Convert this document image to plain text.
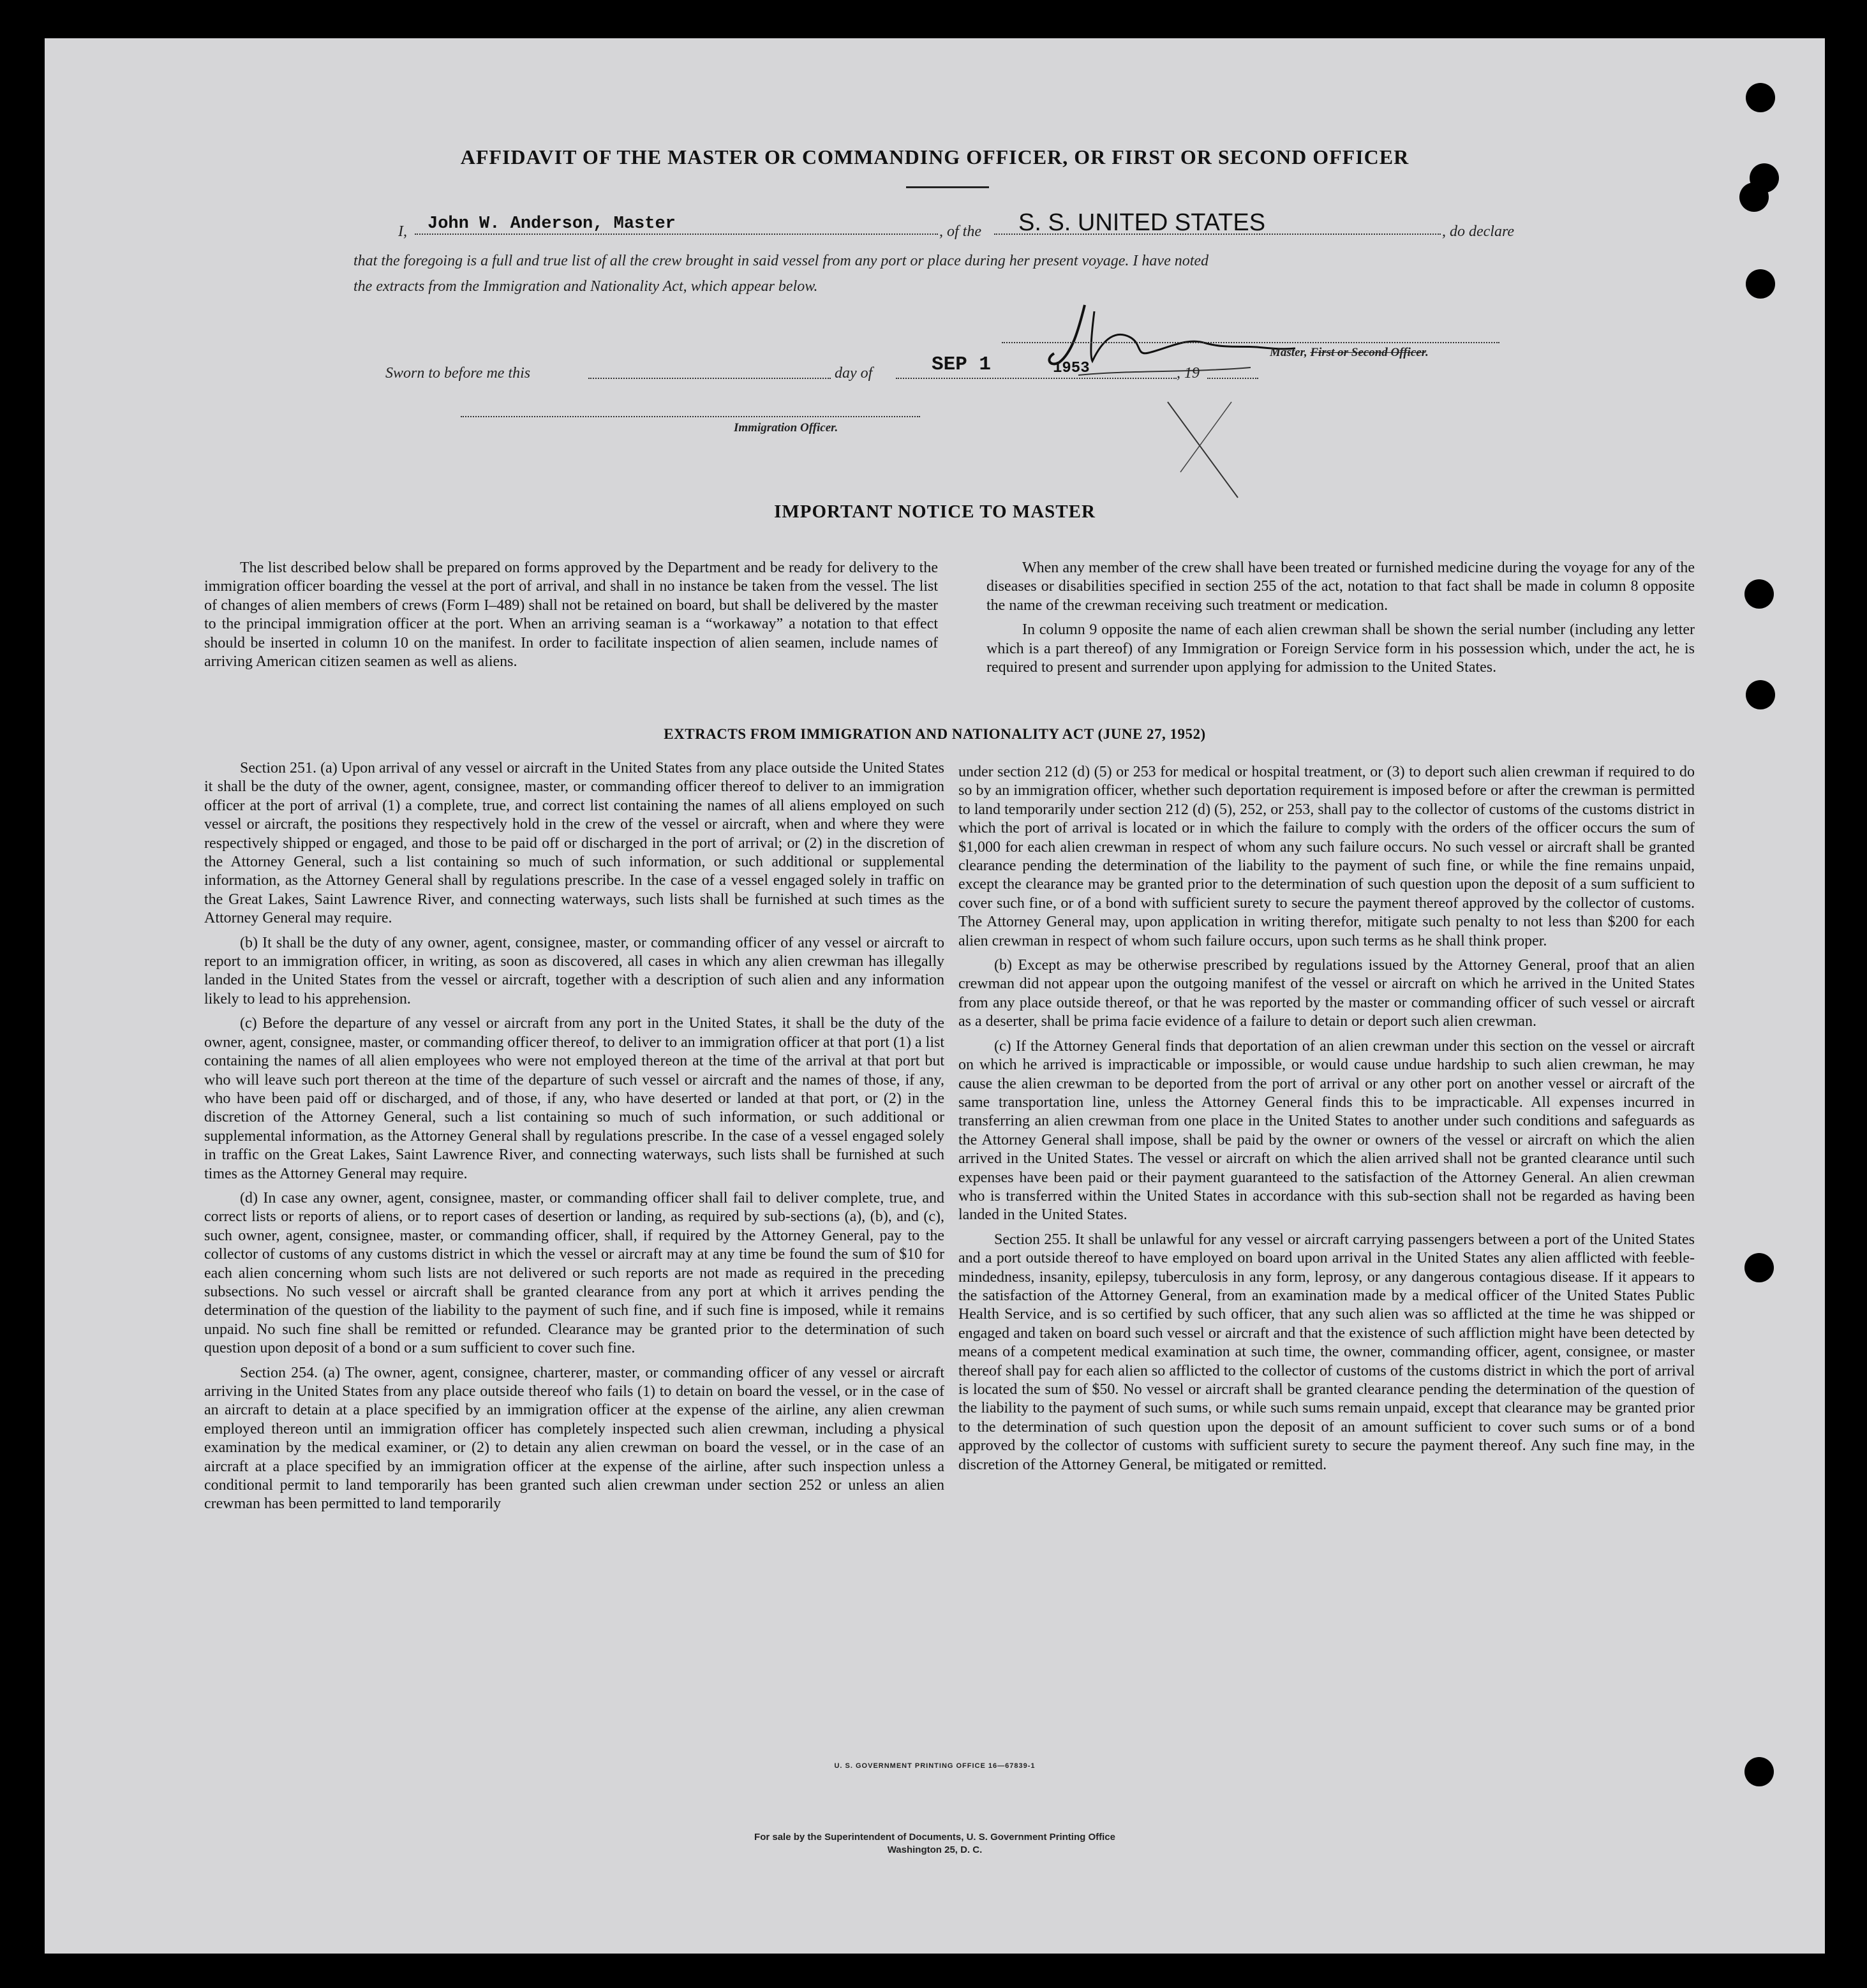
AFFIDAVIT OF THE MASTER OR COMMANDING OFFICER, OR FIRST OR SECOND OFFICER
I, John W. Anderson, Master	, of the S. S. UNITED STATES	, do declare
that the foregoing is a full and true list of all the crew brought in said vessel from any port or place during her present voyage. I have noted
the extracts from the Immigration and Nationality Act, which appear below.
Master, First or Second Officer.
Sworn to before me this	day of	SEP 1	1953	, 19
Immigration Officer.
IMPORTANT NOTICE TO MASTER

The list described below shall be prepared on forms approved by the Department and be ready for delivery to the immigration officer boarding the vessel at the port of arrival, and shall in no instance be taken from the vessel. The list of changes of alien members of crews (Form I–489) shall not be retained on board, but shall be delivered by the master to the principal immigration officer at the port. When an arriving seaman is a “workaway” a notation to that effect should be inserted in column 10 on the manifest. In order to facilitate inspection of alien seamen, include names of arriving American citizen seamen as well as aliens.

When any member of the crew shall have been treated or furnished medicine during the voyage for any of the diseases or disabilities specified in section 255 of the act, notation to that fact shall be made in column 8 opposite the name of the crewman receiving such treatment or medication.

In column 9 opposite the name of each alien crewman shall be shown the serial number (including any letter which is a part thereof) of any Immigration or Foreign Service form in his possession which, under the act, he is required to present and surrender upon applying for admission to the United States.

EXTRACTS FROM IMMIGRATION AND NATIONALITY ACT (JUNE 27, 1952)

Section 251. (a) Upon arrival of any vessel or aircraft in the United States from any place outside the United States it shall be the duty of the owner, agent, consignee, master, or commanding officer thereof to deliver to an immigration officer at the port of arrival (1) a complete, true, and correct list containing the names of all aliens employed on such vessel or aircraft, the positions they respectively hold in the crew of the vessel or aircraft, when and where they were respectively shipped or engaged, and those to be paid off or discharged in the port of arrival; or (2) in the discretion of the Attorney General, such a list containing so much of such information, or such additional or supplemental information, as the Attorney General shall by regulations prescribe. In the case of a vessel engaged solely in traffic on the Great Lakes, Saint Lawrence River, and connecting waterways, such lists shall be furnished at such times as the Attorney General may require.

(b) It shall be the duty of any owner, agent, consignee, master, or commanding officer of any vessel or aircraft to report to an immigration officer, in writing, as soon as discovered, all cases in which any alien crewman has illegally landed in the United States from the vessel or aircraft, together with a description of such alien and any information likely to lead to his apprehension.

(c) Before the departure of any vessel or aircraft from any port in the United States, it shall be the duty of the owner, agent, consignee, master, or commanding officer thereof, to deliver to an immigration officer at that port (1) a list containing the names of all alien employees who were not employed thereon at the time of the arrival at that port but who will leave such port thereon at the time of the departure of such vessel or aircraft and the names of those, if any, who have been paid off or discharged, and of those, if any, who have deserted or landed at that port, or (2) in the discretion of the Attorney General, such a list containing so much of such information, or such additional or supplemental information, as the Attorney General shall by regulations prescribe. In the case of a vessel engaged solely in traffic on the Great Lakes, Saint Lawrence River, and connecting waterways, such lists shall be furnished at such times as the Attorney General may require.

(d) In case any owner, agent, consignee, master, or commanding officer shall fail to deliver complete, true, and correct lists or reports of aliens, or to report cases of desertion or landing, as required by sub-sections (a), (b), and (c), such owner, agent, consignee, master, or commanding officer, shall, if required by the Attorney General, pay to the collector of customs of any customs district in which the vessel or aircraft may at any time be found the sum of $10 for each alien concerning whom such lists are not delivered or such reports are not made as required in the preceding subsections. No such vessel or aircraft shall be granted clearance from any port at which it arrives pending the determination of the question of the liability to the payment of such fine, and if such fine is imposed, while it remains unpaid. No such fine shall be remitted or refunded. Clearance may be granted prior to the determination of such question upon deposit of a bond or a sum sufficient to cover such fine.

Section 254. (a) The owner, agent, consignee, charterer, master, or commanding officer of any vessel or aircraft arriving in the United States from any place outside thereof who fails (1) to detain on board the vessel, or in the case of an aircraft to detain at a place specified by an immigration officer at the expense of the airline, any alien crewman employed thereon until an immigration officer has completely inspected such alien crewman, including a physical examination by the medical examiner, or (2) to detain any alien crewman on board the vessel, or in the case of an aircraft at a place specified by an immigration officer at the expense of the airline, after such inspection unless a conditional permit to land temporarily has been granted such alien crewman under section 252 or unless an alien crewman has been permitted to land temporarily

under section 212 (d) (5) or 253 for medical or hospital treatment, or (3) to deport such alien crewman if required to do so by an immigration officer, whether such deportation requirement is imposed before or after the crewman is permitted to land temporarily under section 212 (d) (5), 252, or 253, shall pay to the collector of customs of the customs district in which the port of arrival is located or in which the failure to comply with the orders of the officer occurs the sum of $1,000 for each alien crewman in respect of whom any such failure occurs. No such vessel or aircraft shall be granted clearance pending the determination of the liability to the payment of such fine, or while the fine remains unpaid, except the clearance may be granted prior to the determination of such question upon the deposit of a sum sufficient to cover such fine, or of a bond with sufficient surety to secure the payment thereof approved by the collector of customs. The Attorney General may, upon application in writing therefor, mitigate such penalty to not less than $200 for each alien crewman in respect of whom such failure occurs, upon such terms as he shall think proper.

(b) Except as may be otherwise prescribed by regulations issued by the Attorney General, proof that an alien crewman did not appear upon the outgoing manifest of the vessel or aircraft on which he arrived in the United States from any place outside thereof, or that he was reported by the master or commanding officer of such vessel or aircraft as a deserter, shall be prima facie evidence of a failure to detain or deport such alien crewman.

(c) If the Attorney General finds that deportation of an alien crewman under this section on the vessel or aircraft on which he arrived is impracticable or impossible, or would cause undue hardship to such alien crewman, he may cause the alien crewman to be deported from the port of arrival or any other port on another vessel or aircraft of the same transportation line, unless the Attorney General finds this to be impracticable. All expenses incurred in transferring an alien crewman from one place in the United States to another under such conditions and safeguards as the Attorney General shall impose, shall be paid by the owner or owners of the vessel or aircraft on which the alien arrived in the United States. The vessel or aircraft on which the alien arrived shall not be granted clearance until such expenses have been paid or their payment guaranteed to the satisfaction of the Attorney General. An alien crewman who is transferred within the United States in accordance with this sub-section shall not be regarded as having been landed in the United States.

Section 255. It shall be unlawful for any vessel or aircraft carrying passengers between a port of the United States and a port outside thereof to have employed on board upon arrival in the United States any alien afflicted with feeble-mindedness, insanity, epilepsy, tuberculosis in any form, leprosy, or any dangerous contagious disease. If it appears to the satisfaction of the Attorney General, from an examination made by a medical officer of the United States Public Health Service, and is so certified by such officer, that any such alien was so afflicted at the time he was shipped or engaged and taken on board such vessel or aircraft and that the existence of such affliction might have been detected by means of a competent medical examination at such time, the owner, commanding officer, agent, consignee, or master thereof shall pay for each alien so afflicted to the collector of customs of the customs district in which the port of arrival is located the sum of $50. No vessel or aircraft shall be granted clearance pending the determination of the question of the liability to the payment of such sums, or while such sums remain unpaid, except that clearance may be granted prior to the determination of such question upon the deposit of an amount sufficient to cover such sums or of a bond approved by the collector of customs with sufficient surety to secure the payment thereof. Any such fine may, in the discretion of the Attorney General, be mitigated or remitted.

U. S. GOVERNMENT PRINTING OFFICE 16—67839-1
For sale by the Superintendent of Documents, U. S. Government Printing Office
Washington 25, D. C.
